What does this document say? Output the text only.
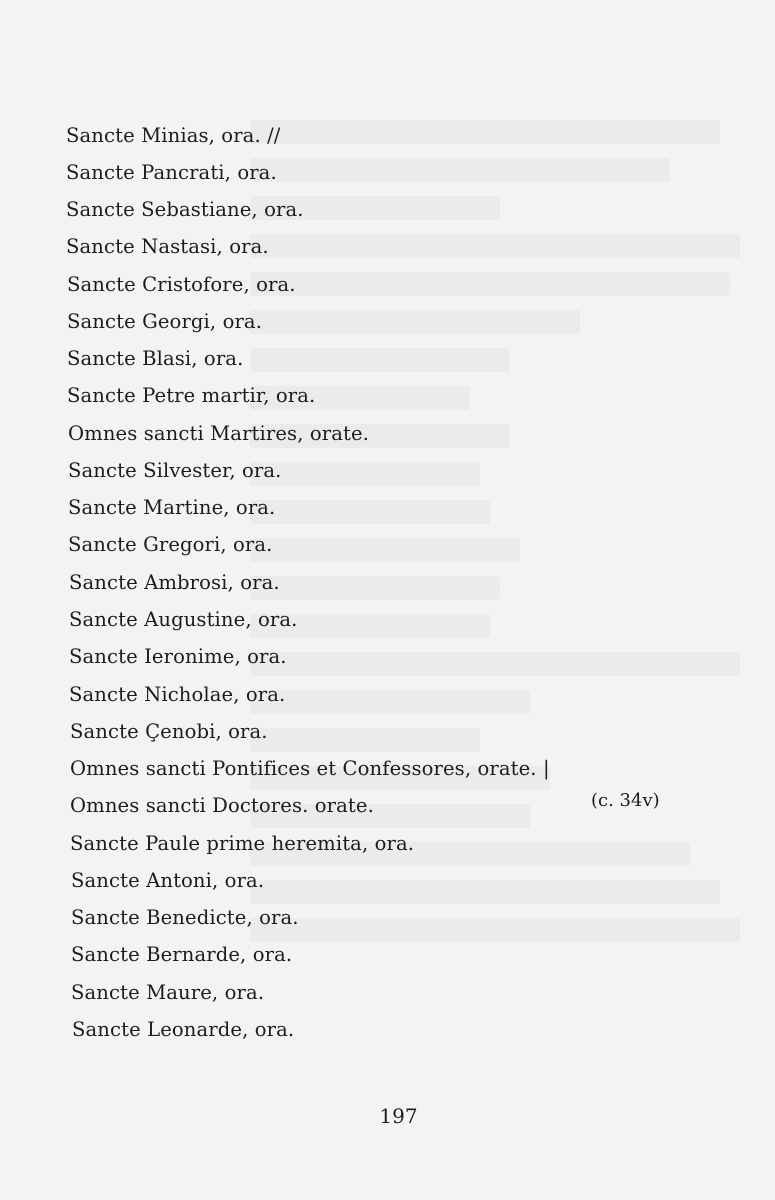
Sancte Minias, ora. //
Sancte Pancrati, ora.
Sancte Sebastiane, ora.
Sancte Nastasi, ora.
Sancte Cristofore, ora.
Sancte Georgi, ora.
Sancte Blasi, ora.
Sancte Petre martir, ora.
Omnes sancti Martires, orate.
Sancte Silvester, ora.
Sancte Martine, ora.
Sancte Gregori, ora.
Sancte Ambrosi, ora.
Sancte Augustine, ora.
Sancte Ieronime, ora.
Sancte Nicholae, ora.
Sancte Çenobi, ora.
Omnes sancti Pontifices et Confessores, orate. |
Omnes sancti Doctores. orate.
Sancte Paule prime heremita, ora.
Sancte Antoni, ora.
Sancte Benedicte, ora.
Sancte Bernarde, ora.
Sancte Maure, ora.
Sancte Leonarde, ora.
(c. 34v)
197
